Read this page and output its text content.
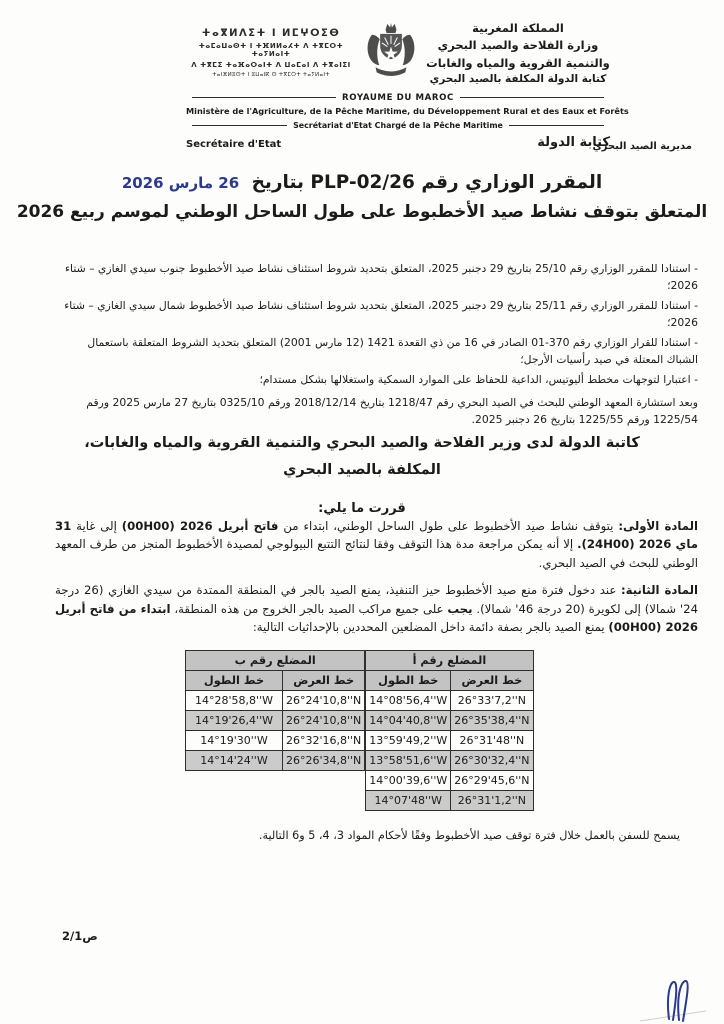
ⵜⴰⴳⵍⴷⵉⵜ ⵏ ⵍⵎⵖⵔⵉⴱ
ⵜⴰⵎⴰⵡⴰⵙⵜ ⵏ ⵜⴼⵍⵍⴰⵃⵜ ⴷ ⵜⴳⵎⵔⵜ ⵜⴰⵢⵍⴰⵏⵜ
ⴷ ⵜⴳⵎⵉ ⵜⴰⴼⴰⵔⴰⵏⵜ ⴷ ⵡⴰⵎⴰⵏ ⴷ ⵜⴳⴰⵏⵉⵏ
ⵜⴰⵏⴼⵍⵓⵙⵜ ⵏ ⵓⵡⴰⵏⴽ ⵙ ⵜⴳⵎⵔⵜ ⵜⴰⵢⵍⴰⵏⵜ
المملكة المغربية
وزارة الفلاحة والصيد البحري
والتنمية القروية والمياه والغابات
كتابة الدولة المكلفة بالصيد البحري
ROYAUME DU MAROC
Ministère de l'Agriculture, de la Pêche Maritime, du Développement Rural et des Eaux et Forêts
Secrétariat d'Etat Chargé de la Pêche Maritime
Secrétaire d'Etat	كتابة الدولة
مديرية الصيد البحري
المقرر الوزاري رقم PLP-02/26 بتاريخ 26 مارس 2026
المتعلق بتوقف نشاط صيد الأخطبوط على طول الساحل الوطني لموسم ربيع 2026

- استنادا للمقرر الوزاري رقم 25/10 بتاريخ 29 دجنبر 2025، المتعلق بتحديد شروط استئناف نشاط صيد الأخطبوط جنوب سيدي الغازي – شتاء 2026؛

- استنادا للمقرر الوزاري رقم 25/11 بتاريخ 29 دجنبر 2025، المتعلق بتحديد شروط استئناف نشاط صيد الأخطبوط شمال سيدي الغازي – شتاء 2026؛

- استنادا للقرار الوزاري رقم 370-01 الصادر في 16 من ذي القعدة 1421 (12 مارس 2001) المتعلق بتحديد الشروط المتعلقة باستعمال الشباك المعتلة في صيد رأسيات الأرجل؛

- اعتبارا لتوجهات مخطط أليوتيس، الداعية للحفاظ على الموارد السمكية واستغلالها بشكل مستدام؛

وبعد استشارة المعهد الوطني للبحث في الصيد البحري رقم 1218/47 بتاريخ 2018/12/14 ورقم 0325/10 بتاريخ 27 مارس 2025 ورقم 1225/54 ورقم 1225/55 بتاريخ 26 دجنبر 2025.

كاتبة الدولة لدى وزير الفلاحة والصيد البحري والتنمية القروية والمياه والغابات،
المكلفة بالصيد البحري
قررت ما يلي:

المادة الأولى: يتوقف نشاط صيد الأخطبوط على طول الساحل الوطني، ابتداء من فاتح أبريل 2026 (00H00) إلى غاية 31 ماي 2026 (24H00). إلا أنه يمكن مراجعة مدة هذا التوقف وفقا لنتائج التتبع البيولوجي لمصيدة الأخطبوط المنجز من طرف المعهد الوطني للبحث في الصيد البحري.

المادة الثانية: عند دخول فترة منع صيد الأخطبوط حيز التنفيذ، يمنع الصيد بالجر في المنطقة الممتدة من سيدي الغازي (26 درجة 24' شمالا) إلى لكويرة (20 درجة 46' شمالا). يجب على جميع مراكب الصيد بالجر الخروج من هذه المنطقة، ابتداء من فاتح أبريل 2026 (00H00) يمنع الصيد بالجر بصفة دائمة داخل المضلعين المحددين بالإحداثيات التالية:

المضلع رقم أ	
خط العرض	خط الطول
26°33'7,2''N	14°08'56,4''W
26°35'38,4''N	14°04'40,8''W
26°31'48''N	13°59'49,2''W
26°30'32,4''N	13°58'51,6''W
26°29'45,6''N	14°00'39,6''W
26°31'1,2''N	14°07'48''W
المضلع رقم ب	
خط العرض	خط الطول
26°24'10,8''N	14°28'58,8''W
26°24'10,8''N	14°19'26,4''W
26°32'16,8''N	14°19'30''W
26°26'34,8''N	14°14'24''W
يسمح للسفن بالعمل خلال فترة توقف صيد الأخطبوط وفقًا لأحكام المواد 3، 4، 5 و6 التالية.
ص2/1
